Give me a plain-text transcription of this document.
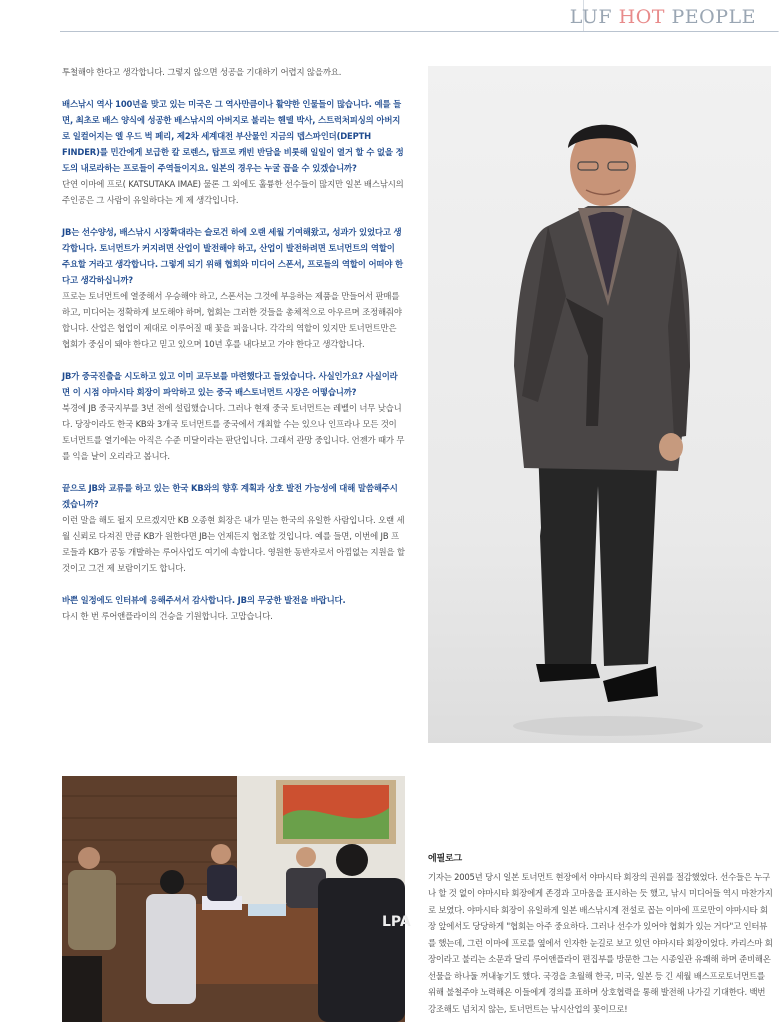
LUF HOT PEOPLE

투철해야 한다고 생각합니다. 그렇지 않으면 성공을 기대하기 어렵지 않을까요.

배스낚시 역사 100년을 맞고 있는 미국은 그 역사만큼이나 활약한 인물들이 많습니다. 예를 들면, 최초로 배스 양식에 성공한 배스낚시의 아버지로 불리는 헨델 박사, 스트럭처피싱의 아버지로 일컬어지는 엘 우드 벅 페리, 제2차 세계대전 부산물인 지금의 뎁스파인더(DEPTH FINDER)를 민간에게 보급한 칼 로렌스, 탑프로 캐빈 반담을 비롯해 일일이 열거 할 수 없을 정도의 내로라하는 프로들이 주역들이지요. 일본의 경우는 누굴 꼽을 수 있겠습니까?

단연 이마에 프로( KATSUTAKA IMAE) 물론 그 외에도 훌륭한 선수들이 많지만 일본 배스낚시의 주인공은 그 사람이 유일하다는 게 제 생각입니다.

JB는 선수양성, 배스낚시 시장확대라는 슬로건 하에 오랜 세월 기여해왔고, 성과가 있었다고 생각합니다. 토너먼트가 커지려면 산업이 발전해야 하고, 산업이 발전하려면 토너먼트의 역할이 주요할 거라고 생각합니다. 그렇게 되기 위해 협회와 미디어 스폰서, 프로들의 역할이 어떠야 한다고 생각하십니까?

프로는 토너먼트에 열중해서 우승해야 하고, 스폰서는 그것에 부응하는 제품을 만들어서 판매를 하고, 미디어는 정확하게 보도해야 하며, 협회는 그러한 것들을 총체적으로 아우르며 조정해줘야 합니다. 산업은 협업이 제대로 이루어질 때 꽃을 피웁니다. 각각의 역할이 있지만 토너먼트만은 협회가 중심이 돼야 한다고 믿고 있으며 10년 후를 내다보고 가야 한다고 생각합니다.

JB가 중국진출을 시도하고 있고 이미 교두보를 마련했다고 들었습니다. 사실인가요? 사실이라면 이 시점 야마시타 회장이 파악하고 있는 중국 배스토너먼트 시장은 어떻습니까?

북경에 JB 중국지부를 3년 전에 설립했습니다. 그러나 현재 중국 토너먼트는 레벨이 너무 낮습니다. 당장이라도 한국 KB와 3개국 토너먼트를 중국에서 개최할 수는 있으나 인프라나 모든 것이 토너먼트를 열기에는 아직은 수준 미달이라는 판단입니다. 그래서 관망 중입니다. 언젠가 때가 무를 익을 날이 오리라고 봅니다.

끝으로 JB와 교류를 하고 있는 한국 KB와의 향후 계획과 상호 발전 가능성에 대해 말씀해주시겠습니까?

이런 말을 해도 될지 모르겠지만 KB 오종현 회장은 내가 믿는 한국의 유일한 사람입니다. 오랜 세월 신뢰로 다져진 만큼 KB가 원한다면 JB는 언제든지 협조할 것입니다. 예를 들면, 이번에 JB 프로들과 KB가 공동 개발하는 루어사업도 여기에 속합니다. 영원한 동반자로서 아낌없는 지원을 할 것이고 그건 제 보람이기도 합니다.

바쁜 일정에도 인터뷰에 응해주셔서 감사합니다. JB의 무궁한 발전을 바랍니다.

다시 한 번 루어앤플라이의 건승을 기원합니다. 고맙습니다.

LPA
에필로그

기자는 2005년 당시 일본 토너먼트 현장에서 야마시타 회장의 권위를 절감했었다. 선수들은 누구나 할 것 없이 야마시타 회장에게 존경과 고마움을 표시하는 듯 했고, 낚시 미디어들 역시 마찬가지로 보였다. 야마시타 회장이 유일하게 일본 배스낚시계 전설로 꼽는 이마에 프로만이 야마시타 회장 앞에서도 당당하게 "협회는 아주 중요하다. 그러나 선수가 있어야 협회가 있는 거다"고 인터뷰를 했는데, 그런 이마에 프로를 옆에서 인자한 눈길로 보고 있던 야마시타 회장이었다. 카리스마 회장이라고 불리는 소문과 달리 루어앤플라이 편집부를 방문한 그는 시종일관 유쾌해 하며 준비해온 선물을 하나둘 꺼내놓기도 했다. 국경을 초월해 한국, 미국, 일본 등 긴 세월 배스프로토너먼트를 위해 불철주야 노력해온 이들에게 경의를 표하며 상호협력을 통해 발전해 나가길 기대한다. 백번 강조해도 넘치지 않는, 토너먼트는 낚시산업의 꽃이므로!
